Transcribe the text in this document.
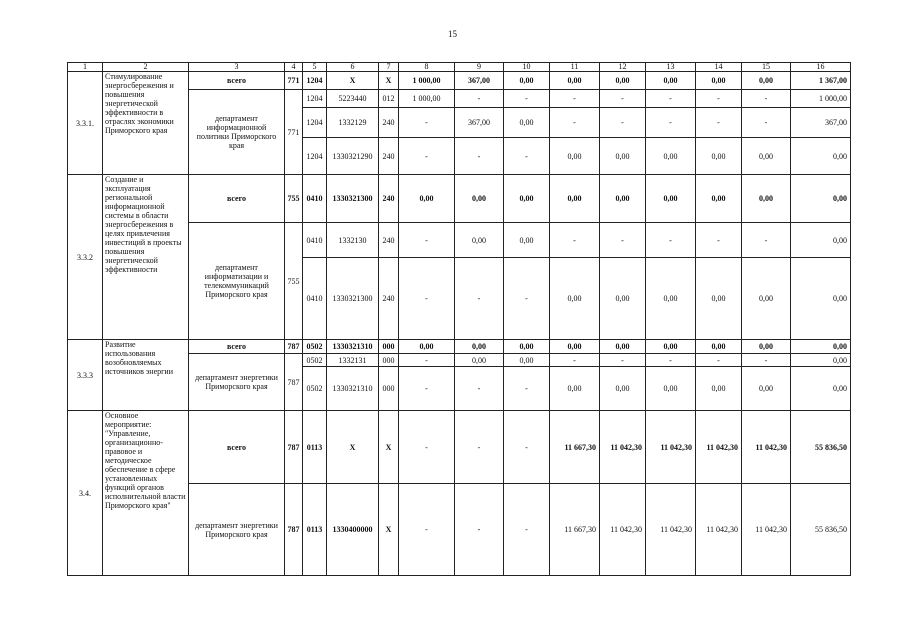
15
1	2	3	4	5	6	7	8	9	10	11	12	13	14	15	16
3.3.1.	Стимулирование энергосбережения и повышения энергетической эффективности в отраслях экономики Приморского края	всего	771	1204	Х	Х	1 000,00	367,00	0,00	0,00	0,00	0,00	0,00	0,00	1 367,00
		департамент информационной политики Приморского края	771	1204	5223440	012	1 000,00	-	-	-	-	-	-	-	1 000,00
				1204	1332129	240	-	367,00	0,00	-	-	-	-	-	367,00
				1204	1330321290	240	-	-	-	0,00	0,00	0,00	0,00	0,00	0,00
3.3.2	Создание и эксплуатация региональной информационной системы в области энергосбережения в целях привлечения инвестиций в проекты повышения энергетической эффективности	всего	755	0410	1330321300	240	0,00	0,00	0,00	0,00	0,00	0,00	0,00	0,00	0,00
		департамент информатизации и телекоммуникаций Приморского края	755	0410	1332130	240	-	0,00	0,00	-	-	-	-	-	0,00
				0410	1330321300	240	-	-	-	0,00	0,00	0,00	0,00	0,00	0,00
3.3.3	Развитие использования возобновляемых источников энергии	всего	787	0502	1330321310	000	0,00	0,00	0,00	0,00	0,00	0,00	0,00	0,00	0,00
		департамент энергетики Приморского края	787	0502	1332131	000	-	0,00	0,00	-	-	-	-	-	0,00
				0502	1330321310	000	-	-	-	0,00	0,00	0,00	0,00	0,00	0,00
3.4.	Основное мероприятие: "Управление, организационно-правовое и методическое обеспечение в сфере установленных функций органов исполнительной власти Приморского края"	всего	787	0113	Х	Х	-	-	-	11 667,30	11 042,30	11 042,30	11 042,30	11 042,30	55 836,50
		департамент энергетики Приморского края	787	0113	1330400000	Х	-	-	-	11 667,30	11 042,30	11 042,30	11 042,30	11 042,30	55 836,50
